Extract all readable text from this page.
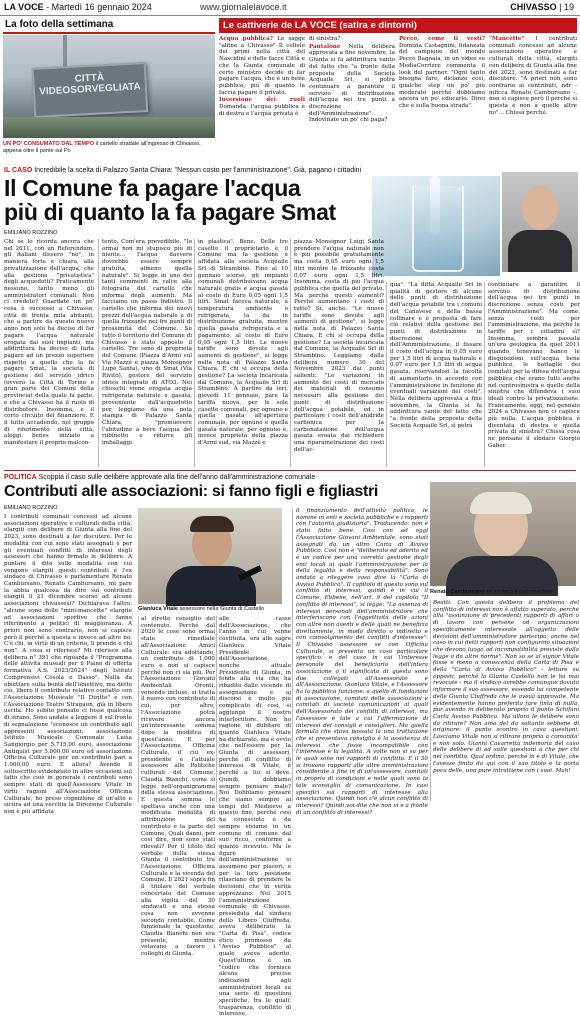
LA VOCE - Martedì 16 gennaio 2024	www.giornalelavoce.it	CHIVASSO | 19
La foto della settimana
CITTÀ
VIDEOSORVEGLIATA
UN PO' CONSUMATO DAL TEMPO il cartello stradale all'ingresso di Chivasso, appena oltre il ponte sul Po
Le cattiverie de LA VOCE (satira e dintorni)

Acqua pubblica? Le sagge "alfine a Chivasso" Il cellule dei primi nella città del Nascidini e delle facce Città e che la Giunta comunale di certo ministro decide di far pagare l'acqua, che è un bene pubblico, più di quanto la faccia pagare il privato.

Inversione dei ruoli Domanda: l'acqua pubblica è di destra e l'acqua privata è

di sinistra?

Pantalone Nella delibera approvata a fine novembre, la Giunta si fa addirittura vanto del fatto che "a fronte della proposta della Società Acquaile Srl, si potrà continuare a garantire il servizio di distribuzione dell'acqua nei tre punti a discrezione dell'Amministrazione". Indovinate un po' chi paga?

Pecco, come ti vesti? Domizia Castagnini, fidanzata del campione del mondo Pecco Bagnaia, in un video su MediaCorriere commenta il look del partner. "Ogni tanto bisogna fare, dicianzo così, qualche step un po' più moderato perché dobbiamo ancora un po' educarlo. Direi che è sulla buona strada".

"Mancette" I contributi comunali concessi ad alcune associazioni operative e culturali della città, elargiti con delibere di Giunta alla fine del 2023, sono destinati a far discutere. "A priori non sono contrario ai contributi, ndr - inficca Renato Cambursano -, non si capisce però il perché si questa e non a quelle altre no"... Chissà perché.

IL CASO Incredibile la scelta di Palazzo Santa Chiara: "Nessun costo per l'amministrazione". Già, pagano i cittadini
Il Comune fa pagare l'acqua
più di quanto la fa pagare Smat
EMILIANO ROZZINO

Chi se lo ricorda ancora che nel 2011, con un Referendum, gli italiani dissero "no", in maniera forte e chiara, alla privatizzazione dell'acqua, che alla gestione "privatistica" degli acquedotti? Praticamente nessuno, tanto meno gli amministratori comunali. Non ci credete? Guardate un po' cosa è successo a Chivasso, città di trenta mila abitanti, che a partire da questo nuovo anno non solo ha deciso di far pagare l'acqua naturale erogata dai suoi impianti, ma addirittura ha deciso di farla pagare ad un prezzo superiore rispetto a quello che la fa pagare Smat, la società di gestione del servizio idrico (ovvero la Città di Torino e gran parte dei Comuni della provincia) della quale fa parte, e che a Chivasso ha il ruolo di distributore. Insomma, e il corto circuito del finanziere. E il tutto accadendo, nel gruppo di riferimento della città, aleggi benes iniziato a manifestare il proprio malcon-

tento. Com'era prevedibile. "Io ormai non mi stupisco più di niente... l'acqua davvero dovrebbe essere sempre gratuita, almeno quella naturale". Si legge in uno dei tanti commenti in calce alla fotografia del cartello che informa degli aumenti. Ma facciamo un passo indietro. Il cartello che informa dei nuovi prezzi dell'acqua naturale e di quella frizzante nei tre punti di prossimità del Comune. Su tutto il territorio del Comune di Chivasso è stato apposto il cartello. Tre sono di proprietà del Comune (Piazza d'Armi sul Via Mazzè e piazza Monsignor Lupo Santa), uno di Smat (Via Rivito), gestore del servizio idrico integrato di ATO3. Nei chioschi viene erogata acqua refrigerata naturale e gasata, proveniente dall'acquedotto per, leggiamo da una nota stampa di Palazzo Santa Chiara, "promuovere l'abitudine a bere l'acqua del rubinetto e ridurre gli imballaggi

in plastica". Bene. Delle tre casette il proprietario è il Comune ma la gestione è affidata alla società Acquaile Srl di Strambino. Fino al 10 gennaio scorso, gli impianti comunali distribuivano acqua naturale gratis e acqua gasata al costo di Euro 0,05 ogni 1,5 litri. Smat faceva naturale, a temperatura ambiente o refrigerata, la da in distribuzione gratuita, mentre quella gasata refrigerata e a pagamento, al costo di Euro 0,05 ogni 1,5 litri. Le nuove tariffe sono dovute agli aumenti di gestione", si legge nella nota di Palazzo Santa Chiara. E chi si occupa della gestione? La società incaricata dal Comune, la Acquaile Srl di Strambino. A partire da ieri, giovedì 11 gennaio, pare la tariffa nuova, per le sole casette comunali, per ognuno e quella gasata all'apertura comunale, per ognuno e quella gasata naturale, per ognuno è, invece proprietà della piazza d'Armi sud, via Mazzè e

piazza Monsignor Luigi Santa prendere l'acqua naturale non è più possibile gratuitamente ma costa 0,05 euro ogni 1,5 litri mentre la frizzante costa 0,07 euro ogni 1,5 litri. Insomma, costa di più l'acqua pubblica che quella del privato. Ma perché questi aumenti? Perché aumentano i costi di tutto? Sì, anche. "Le nuove tariffe sono dovute agli aumenti di gestione", si legge nella nota di Palazzo Santa Chiara. E chi si occupa della gestione? La società incaricata dal Comune, la Acquaile Srl di Strambino. Leggiamo dalla delibera numero 30 del Novembre 2023 dai punti salienti: "Le variazioni in aumento dei costi di mercato dei materiali di consumo necessari alla gestione dei punti di distribuzione dell'acqua potabile, ed in particolare i costi dell'anidride carbonica per la carbonatazione dell'acqua gasata eroata dai richiedere una riparametrazione dei costi dell'ac-

qua". "La ditta Acquaile Srl in qualità di gestore di alcune delle punti di distribuzione dell'acqua potabile tra i comuni del Canavese e della bassa collinare e è proposta di fare ciò relativi della gestione dei punti di distribuzione in discrezione dell'Amministrazione, il fissare il costo dell'acqua in 0,05 euro per 1,5 litri di acqua naturale e 0,07 euro per 1,5 litri di acqua gasata, riservandosi la facoltà di aumentarlo in accordo con l'amministrazione in funzione di eventuali variazioni dei costi". Nella delibera approvata a fine novembre, la Giunta si fa addirittura vanto del fatto che "a fronte della proposta della Società Acquaile Srl, si potrà

continuare a garantire il servizio di distribuzione dell'acqua nei tre punti in discrezione senza costi per l'Amministrazione". Ma come, senza costi per l'amministrazione, ma perché le tariffe per i cittadini sì? Insomma, sembra passata un'era geologica da quel 2011 quando tenevano banco le disquisizioni sull'acqua bene pubblico, le battaglie dei comitati per la difesa dell'acqua pubblica che erano tutti anche nel centrosinistra e quelle della sinistra che difendeva i suoi ideali contro la privatizzazione. Francamente, oggi, nel gennaio 2024 a Chivasso non ci capisce più nulla. L'acqua pubblica è diventata di destra e quella privata di sinistra? Chissà cosa ne pensano il sindaco Giorgio Gaber.

POLITICA Scoppia il caso sulle delibere approvate alla fine dell'anno dall'amministrazione comunale
Contributi alle associazioni: si fanno figli e figliastri
Renato Cambursano ex sindaco e parlamentare
EMILIANO ROZZINO

I contributi comunali concessi ad alcune associazioni operative e culturali della città, elargiti con delibere di Giunta alla fine del 2023, sono destinati a far discutere. Per le modalità con cui sono stati assegnati e per gli eventuali conflitti di interessi degli assessori che hanno firmato le delibere. A puntare il dito sulle modalità con cui vengono elargiti questi contributi è l'ex sindaco di Chivasso e parlamentare Renato Cambursano. Renato Cambursano, mi pare la abbia qualcosa da dire sui contributi elargiti il 21 dicembre scorso ad alcune associazioni chivassesi? Dichiarava l'altro: "alcune sono delle "mini-mancette" elargite ad associazioni sportive che fanno riferimento a politici di maggioranza. A priori non sono contrario, non si capisce però il perché a questa e invece ad altre no. C'è chi, in virtù di un criterio, li prende e chi non". A cosa si riferisce? Mi riferisco alla delibera n° 391 che riguarda il "Programma delle attività museali per il Piano di offerta formativa A.S. 2023/2024" degli Istituti Comprensivi Cosola e Dasso". Nulla da obiettare sulla bontà dell'obiettivo, ma detto ciò, libero il contributo relativo contatto con l'Associazione Musicale "Il Dirìtto" e con l'Associazione Teatro Stragaun, già in libero uscita. Ho subito pensato ci fosse qualcosa di strano. Sono andato a leggere il sul fronte di segnalazione "sconosce un contributo agli appresenti associazioni; associazione Istituto Musicale Comunale Luisa Sangiorgio per 5.715,00 euro, associazione Antiquist per 5.000,00 euro ed associazione Officina Culturale per un contributo pari a 1.000,00 euro. E allora? Avendo il sottoscritto evidenziato in altre occasioni sul fatto che cioè in generale i contributi sono sempre stati di quell'Assessore Vitale in virtù ragioni all'Associazione Officina Culturale, ho preso cognizione di un'atto e sicura ad una vecchia la Direzione Culturale non è più affidata

Gianluca Vitale assessore nella Giunta di Castello

al stretto consiglio del contenuto. Perché dal 2020 le cose sono ormai state rimediate all'Associazione Amici Culturale: era adottando, un contributo di 1,000 euro e non si capisce perché non ci sia più. Per l'Associazione Giovani Ambientali Oronti, venendo incluse, si tratta il nuovo con contributo di cui, per altro, l'Associazione potrà ricevere ancora un'interessante somma dopo la modifica di quest'anno. E per l'Associazione Officina Culturale, il cui ex-presidente è l'attuale assessore alle Politiche culturali del Comune, Claudia Bianchi, come si legge nell'organigramma della stessa associazione. E questa somma le spettava anche con una modificata modalità di attribuzione del contributo e la parte del Comune, Quali danni, per così dire, non sono stati rilevati? Per il titolo del verbale della stessa Giunta il contributo tra l'Associazione Officina Culturale e la vicenda del Comune. Il 2021 sopra fin il titolare del verbale concertato del Comune alla vigilia del 30 sindacati e una stessa cosa non avvenne secondo contabile. Come funzionale la questione, Claudia Bianchi non era presente, mentre votavano a favore i colleghi di Giunta.

alle casse dell'Associazione, che l'anno in cui venne costituita, era alle sagre Gianluca Vitale Presidente dell'Associazione, nonché attuale Presidente di Giunta, in fondo alla via che ha ribadito dalle vicende di assegnazione e ai discorsi è molto più complicato di così, si aggiunge il nostro interlocutore. Non ho ragione di dubitare di quanto Gianluca Vitale ha dichiarato, ma è ovvio che nell'essere per la Giunta di assessori, perché di conflitto di interessi di Vitale, è perché a lui si deve. Quindi, dobbiamo sempre pensare male? Noi Dobbiamo pensare che siamo sempre ai tempi del Medioevo a questo fine, perché così ha conosciuto e da sempre viviamo in un comune di comune dal suo ricco, conforme a quanto ricevuto. Ma le figure dell'amministrazione si assumono per piaceri, e per la loro posizione rilasciano di prendere le decisioni che in verità apprezzano. Nel 2015 l'amministrazione comunale di Chivasso, presieduta dal sindaco dello Libero Ciuffreda, aveva deliberato la "Carta di Pisa", codice etico promosso da "Avviso Pubblico" al quale aveva aderito. Quest'ultimo è un "codice che fornisce alcune precise indicazioni agli amministratori locali su una serie di questioni specifiche, tra le quali: trasparenza, conflitto di interesse,

il finanziamento dell'attività politica, le nomine in enti e società pubbliche e i rapporti con l'autorità giudiziaria". Traducendo: non è stato fatto bene. Così con ad oggi l'Associazione Giovani Ambientale, sono stati assegnati da un altro Carta di Avviso Pubblico. Così non è "deliberato ed aderito ed è un codice per una corretta gestione degli enti locali ai quali l'amministrazione per la della legalità e della responsabilità". Sono andato a rileggere cosa dice la "Carta di Avviso Pubblico". Il capitolo di questo sono sul conflitto di interessi, quindi è in cui il Comune, Ebbene, nell'art. 9 del capitolo "Il conflitto di interessi", si legge: "La assenza di interessi personali dell'amministratore che interferiscono con l'oggettività delle azioni con altre non aventi e delle quali ne beneficia direttamente, in modo diretto o indiretto e con coinvolgimento dei conflitti d'interesse". Il Chivasso assessore se con Officina Culturale, si presenta un caso particolare specifico: e del caso in cui l'interesse personale del beneficiario dell'intera associazione o il significato di questa sono due collegati all'Assessorato e all'Associazione. Gianluca Vitale, e l'Assessore ha la pubblica funzione: a quello di fondazioni di associazione, comitati delle associazioni e comitati di società comunicazioni ai quali dell'Assessorato dei conflitti di interessi, ma l'assessore è tale a cui l'affermazione di interessi dei consigli e consiglieri. Ma quella formula che stava passata la una trattazione che si presentava consiglio è la assistenza di interessi che fosse incompatibile con l'interesse e la legalità. A volte non si sa per le quali sono nei rapporti di conflitto. E il 30 si trovano rapporti alle altre amministrazioni considerate a fine in di un'assessore, comitati in proprio di condizioni e nelle quali sono la tale sconsiglio di comunicazione. In casi specifici sui rapporti di interesse alla associazione. Quindi non c'è alcun conflitto di interessi? Quindi voi dite che non vi è a fronte di un conflitto di interessi?

Beatti. Con questa delibera il problema del conflitto di interessi non è affatto superato, perché alla "assunzione di precedenti rapporti di affari o di lavoro con persone od organizzazioni specificamente interessate all'oggetto delle decisioni dell'amministratore partecipa, anche nel caso in cui detti rapporti non configurino situazioni che devono luogo ad incompatibilità previste dalla legge o da altre norme". Non so se al signor Vitale fosse e meno a conoscenza della Carta di Pisa e della "Carta di Avviso Pubblico" - letture su opposti, perché la Giunta Castello non le ha mai revocate - ma il sindaco avrebbe comunque dovuto informare il suo assessore, essendo lui competente delle Giunta Ciuffreda che le aveva approvate. Ma evidentemente hanno preferito fare finta di nulla, pur avendo in deliberato proprio il punto Schifani Carta Avviso Pubblico. Ma allora le delibere sono da ritirare? Non amo del da soltanto sebbene di originare: il punto scontro in casa questioni. Lasciamo Vitale non si ritirare propria a comunita' e non solo. Gianni Cavarretta indemoria del caso delle delibere di ad sulle questioni a che per chi nel conflitto. Qual ordino, perché in è di Vitale, che l'avesse finito da qui con il suo titolo e la porta pocu delle, una pure intrattiene con i suoi. Mah!
